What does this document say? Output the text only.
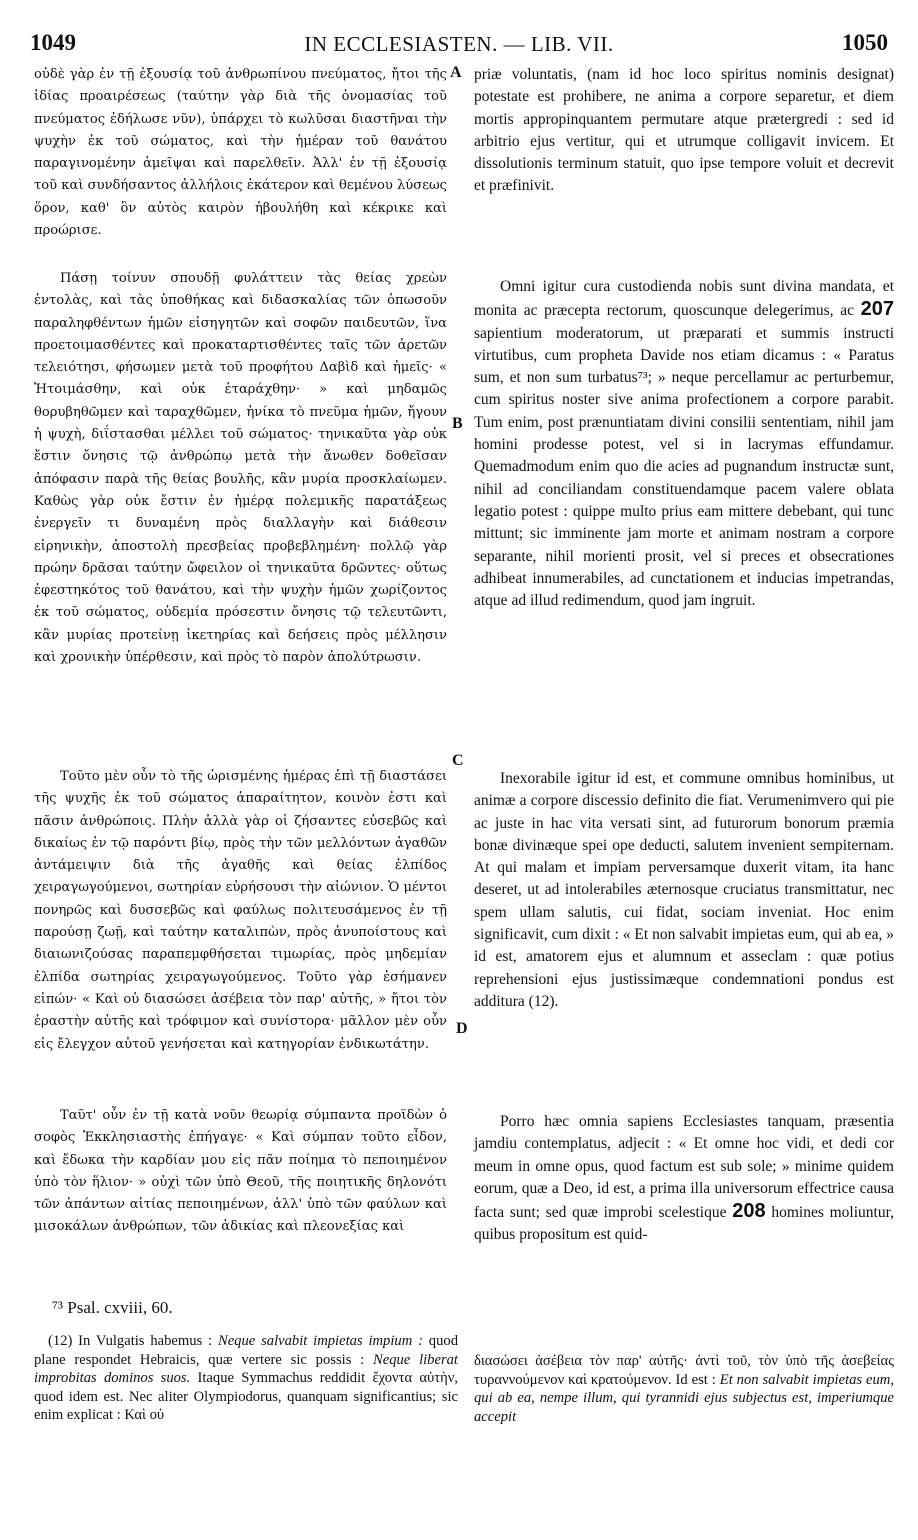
1049	IN ECCLESIASTEN. — LIB. VII.	1050
A
B
C
D

οὐδὲ γὰρ ἐν τῇ ἐξουσίᾳ τοῦ ἀνθρωπίνου πνεύματος, ἤτοι τῆς ἰδίας προαιρέσεως (ταύτην γὰρ διὰ τῆς ὀνομασίας τοῦ πνεύματος ἐδήλωσε νῦν), ὑπάρχει τὸ κωλῦσαι διαστῆναι τὴν ψυχὴν ἐκ τοῦ σώματος, καὶ τὴν ἡμέραν τοῦ θανάτου παραγινομένην ἀμεῖψαι καὶ παρελθεῖν. Ἀλλ' ἐν τῇ ἐξουσίᾳ τοῦ καὶ συνδήσαντος ἀλλήλοις ἑκάτερον καὶ θεμένου λύσεως ὅρον, καθ' ὃν αὐτὸς καιρὸν ἠβουλήθη καὶ κέκρικε καὶ προώρισε.

Πάσῃ τοίνυν σπουδῇ φυλάττειν τὰς θείας χρεὼν ἐντολὰς, καὶ τὰς ὑποθήκας καὶ διδασκαλίας τῶν ὁπωσοῦν παραληφθέντων ἡμῶν εἰσηγητῶν καὶ σοφῶν παιδευτῶν, ἵνα προετοιμασθέντες καὶ προκαταρτισθέντες ταῖς τῶν ἀρετῶν τελειότησι, φήσωμεν μετὰ τοῦ προφήτου Δαβὶδ καὶ ἡμεῖς· « Ἡτοιμάσθην, καὶ οὐκ ἐταράχθην· » καὶ μηδαμῶς θορυβηθῶμεν καὶ ταραχθῶμεν, ἡνίκα τὸ πνεῦμα ἡμῶν, ἤγουν ἡ ψυχὴ, διΐστασθαι μέλλει τοῦ σώματος· τηνικαῦτα γὰρ οὐκ ἔστιν ὄνησις τῷ ἀνθρώπῳ μετὰ τὴν ἄνωθεν δοθεῖσαν ἀπόφασιν παρὰ τῆς θείας βουλῆς, κἂν μυρία προσκλαίωμεν. Καθὼς γὰρ οὐκ ἔστιν ἐν ἡμέρᾳ πολεμικῆς παρατάξεως ἐνεργεῖν τι δυναμένη πρὸς διαλλαγὴν καὶ διάθεσιν εἰρηνικὴν, ἀποστολὴ πρεσβείας προβεβλημένη· πολλῷ γὰρ πρώην δρᾶσαι ταύτην ὤφειλον οἱ τηνικαῦτα δρῶντες· οὕτως ἐφεστηκότος τοῦ θανάτου, καὶ τὴν ψυχὴν ἡμῶν χωρίζοντος ἐκ τοῦ σώματος, οὐδεμία πρόσεστιν ὄνησις τῷ τελευτῶντι, κἂν μυρίας προτείνῃ ἱκετηρίας καὶ δεήσεις πρὸς μέλλησιν καὶ χρονικὴν ὑπέρθεσιν, καὶ πρὸς τὸ παρὸν ἀπολύτρωσιν.

Τοῦτο μὲν οὖν τὸ τῆς ὡρισμένης ἡμέρας ἐπὶ τῇ διαστάσει τῆς ψυχῆς ἐκ τοῦ σώματος ἀπαραίτητον, κοινὸν ἐστι καὶ πᾶσιν ἀνθρώποις. Πλὴν ἀλλὰ γὰρ οἱ ζήσαντες εὐσεβῶς καὶ δικαίως ἐν τῷ παρόντι βίῳ, πρὸς τὴν τῶν μελλόντων ἀγαθῶν ἀντάμειψιν διὰ τῆς ἀγαθῆς καὶ θείας ἐλπίδος χειραγωγούμενοι, σωτηρίαν εὑρήσουσι τὴν αἰώνιον. Ὁ μέντοι πονηρῶς καὶ δυσσεβῶς καὶ φαύλως πολιτευσάμενος ἐν τῇ παρούσῃ ζωῇ, καὶ ταύτην καταλιπὼν, πρὸς ἀνυποίστους καὶ διαιωνιζούσας παραπεμφθήσεται τιμωρίας, πρὸς μηδεμίαν ἐλπίδα σωτηρίας χειραγωγούμενος. Τοῦτο γὰρ ἐσήμανεν εἰπών· « Καὶ οὐ διασώσει ἀσέβεια τὸν παρ' αὐτῆς, » ἤτοι τὸν ἐραστὴν αὐτῆς καὶ τρόφιμον καὶ συνίστορα· μᾶλλον μὲν οὖν εἰς ἔλεγχον αὐτοῦ γενήσεται καὶ κατηγορίαν ἐνδικωτάτην.

Ταῦτ' οὖν ἐν τῇ κατὰ νοῦν θεωρίᾳ σύμπαντα προϊδὼν ὁ σοφὸς Ἐκκλησιαστὴς ἐπήγαγε· « Καὶ σύμπαν τοῦτο εἶδον, καὶ ἔδωκα τὴν καρδίαν μου εἰς πᾶν ποίημα τὸ πεποιημένον ὑπὸ τὸν ἥλιον· » οὐχὶ τῶν ὑπὸ Θεοῦ, τῆς ποιητικῆς δηλονότι τῶν ἁπάντων αἰτίας πεποιημένων, ἀλλ' ὑπὸ τῶν φαύλων καὶ μισοκάλων ἀνθρώπων, τῶν ἀδικίας καὶ πλεονεξίας καὶ

priæ voluntatis, (nam id hoc loco spiritus nominis designat) potestate est prohibere, ne anima a corpore separetur, et diem mortis appropinquantem permutare atque prætergredi : sed id arbitrio ejus vertitur, qui et utrumque colligavit invicem. Et dissolutionis terminum statuit, quo ipse tempore voluit et decrevit et præfinivit.

Omni igitur cura custodienda nobis sunt divina mandata, et monita ac præcepta rectorum, quoscunque delegerimus, ac 207 sapientium moderatorum, ut præparati et summis instructi virtutibus, cum propheta Davide nos etiam dicamus : « Paratus sum, et non sum turbatus⁷³; » neque percellamur ac perturbemur, cum spiritus noster sive anima profectionem a corpore parabit. Tum enim, post prænuntiatam divini consilii sententiam, nihil jam homini prodesse potest, vel si in lacrymas effundamur. Quemadmodum enim quo die acies ad pugnandum instructæ sunt, nihil ad conciliandam constituendamque pacem valere oblata legatio potest : quippe multo prius eam mittere debebant, qui tunc mittunt; sic imminente jam morte et animam nostram a corpore separante, nihil morienti prosit, vel si preces et obsecrationes adhibeat innumerabiles, ad cunctationem et inducias impetrandas, atque ad illud redimendum, quod jam ingruit.

Inexorabile igitur id est, et commune omnibus hominibus, ut animæ a corpore discessio definito die fiat. Verumenimvero qui pie ac juste in hac vita versati sint, ad futurorum bonorum præmia bonæ divinæque spei ope deducti, salutem invenient sempiternam. At qui malam et impiam perversamque duxerit vitam, ita hanc deseret, ut ad intolerabiles æternosque cruciatus transmittatur, nec spem ullam salutis, cui fidat, sociam inveniat. Hoc enim significavit, cum dixit : « Et non salvabit impietas eum, qui ab ea, » id est, amatorem ejus et alumnum et asseclam : quæ potius reprehensioni ejus justissimæque condemnationi pondus est additura (12).

Porro hæc omnia sapiens Ecclesiastes tanquam, præsentia jamdiu contemplatus, adjecit : « Et omne hoc vidi, et dedi cor meum in omne opus, quod factum est sub sole; » minime quidem eorum, quæ a Deo, id est, a prima illa universorum effectrice causa facta sunt; sed quæ improbi scelestique 208 homines moliuntur, quibus propositum est quid-

⁷³ Psal. cxviii, 60.

(12) In Vulgatis habemus : Neque salvabit impietas impium : quod plane respondet Hebraicis, quæ vertere sic possis : Neque liberat improbitas dominos suos. Itaque Symmachus reddidit ἔχοντα αὐτὴν, quod idem est. Nec aliter Olympiodorus, quanquam significantius; sic enim explicat : Καὶ οὐ

διασώσει ἀσέβεια τὸν παρ' αὐτῆς· ἀντὶ τοῦ, τὸν ὑπὸ τῆς ἀσεβείας τυραννούμενον καὶ κρατούμενον. Id est : Et non salvabit impietas eum, qui ab ea, nempe illum, qui tyrannidi ejus subjectus est, imperiumque accepit
